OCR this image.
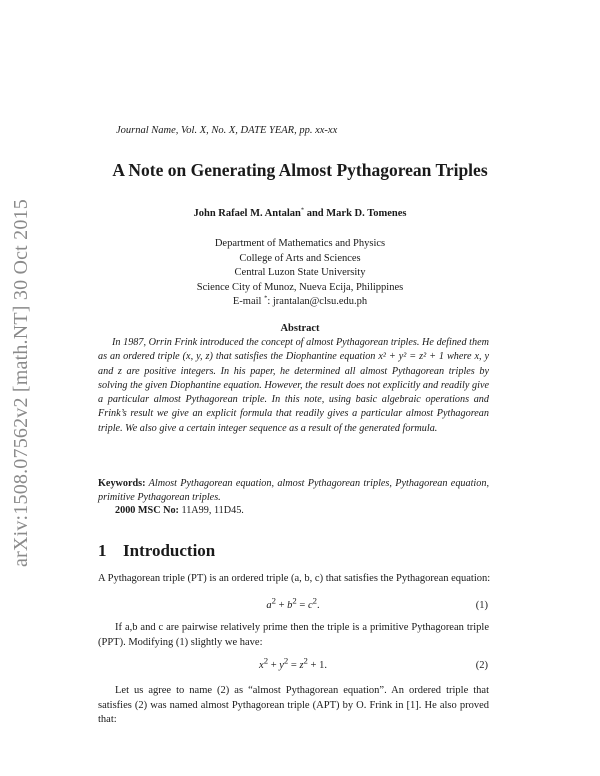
arXiv:1508.07562v2 [math.NT] 30 Oct 2015
Journal Name, Vol. X, No. X, DATE YEAR, pp. xx-xx
A Note on Generating Almost Pythagorean Triples
John Rafael M. Antalan* and Mark D. Tomenes
Department of Mathematics and Physics
College of Arts and Sciences
Central Luzon State University
Science City of Munoz, Nueva Ecija, Philippines
E-mail *: jrantalan@clsu.edu.ph
Abstract
In 1987, Orrin Frink introduced the concept of almost Pythagorean triples. He defined them as an ordered triple (x, y, z) that satisfies the Diophantine equation x² + y² = z² + 1 where x, y and z are positive integers. In his paper, he determined all almost Pythagorean triples by solving the given Diophantine equation. However, the result does not explicitly and readily give a particular almost Pythagorean triple. In this note, using basic algebraic operations and Frink’s result we give an explicit formula that readily gives a particular almost Pythagorean triple. We also give a certain integer sequence as a result of the generated formula.
Keywords: Almost Pythagorean equation, almost Pythagorean triples, Pythagorean equation, primitive Pythagorean triples.
2000 MSC No: 11A99, 11D45.
1 Introduction
A Pythagorean triple (PT) is an ordered triple (a, b, c) that satisfies the Pythagorean equation:
$a^2 + b^2 = c^2$.	(1)
If a,b and c are pairwise relatively prime then the triple is a primitive Pythagorean triple (PPT). Modifying (1) slightly we have:
$x^2 + y^2 = z^2 + 1$.	(2)
Let us agree to name (2) as “almost Pythagorean equation”. An ordered triple that satisfies (2) was named almost Pythagorean triple (APT) by O. Frink in [1]. He also proved that:
